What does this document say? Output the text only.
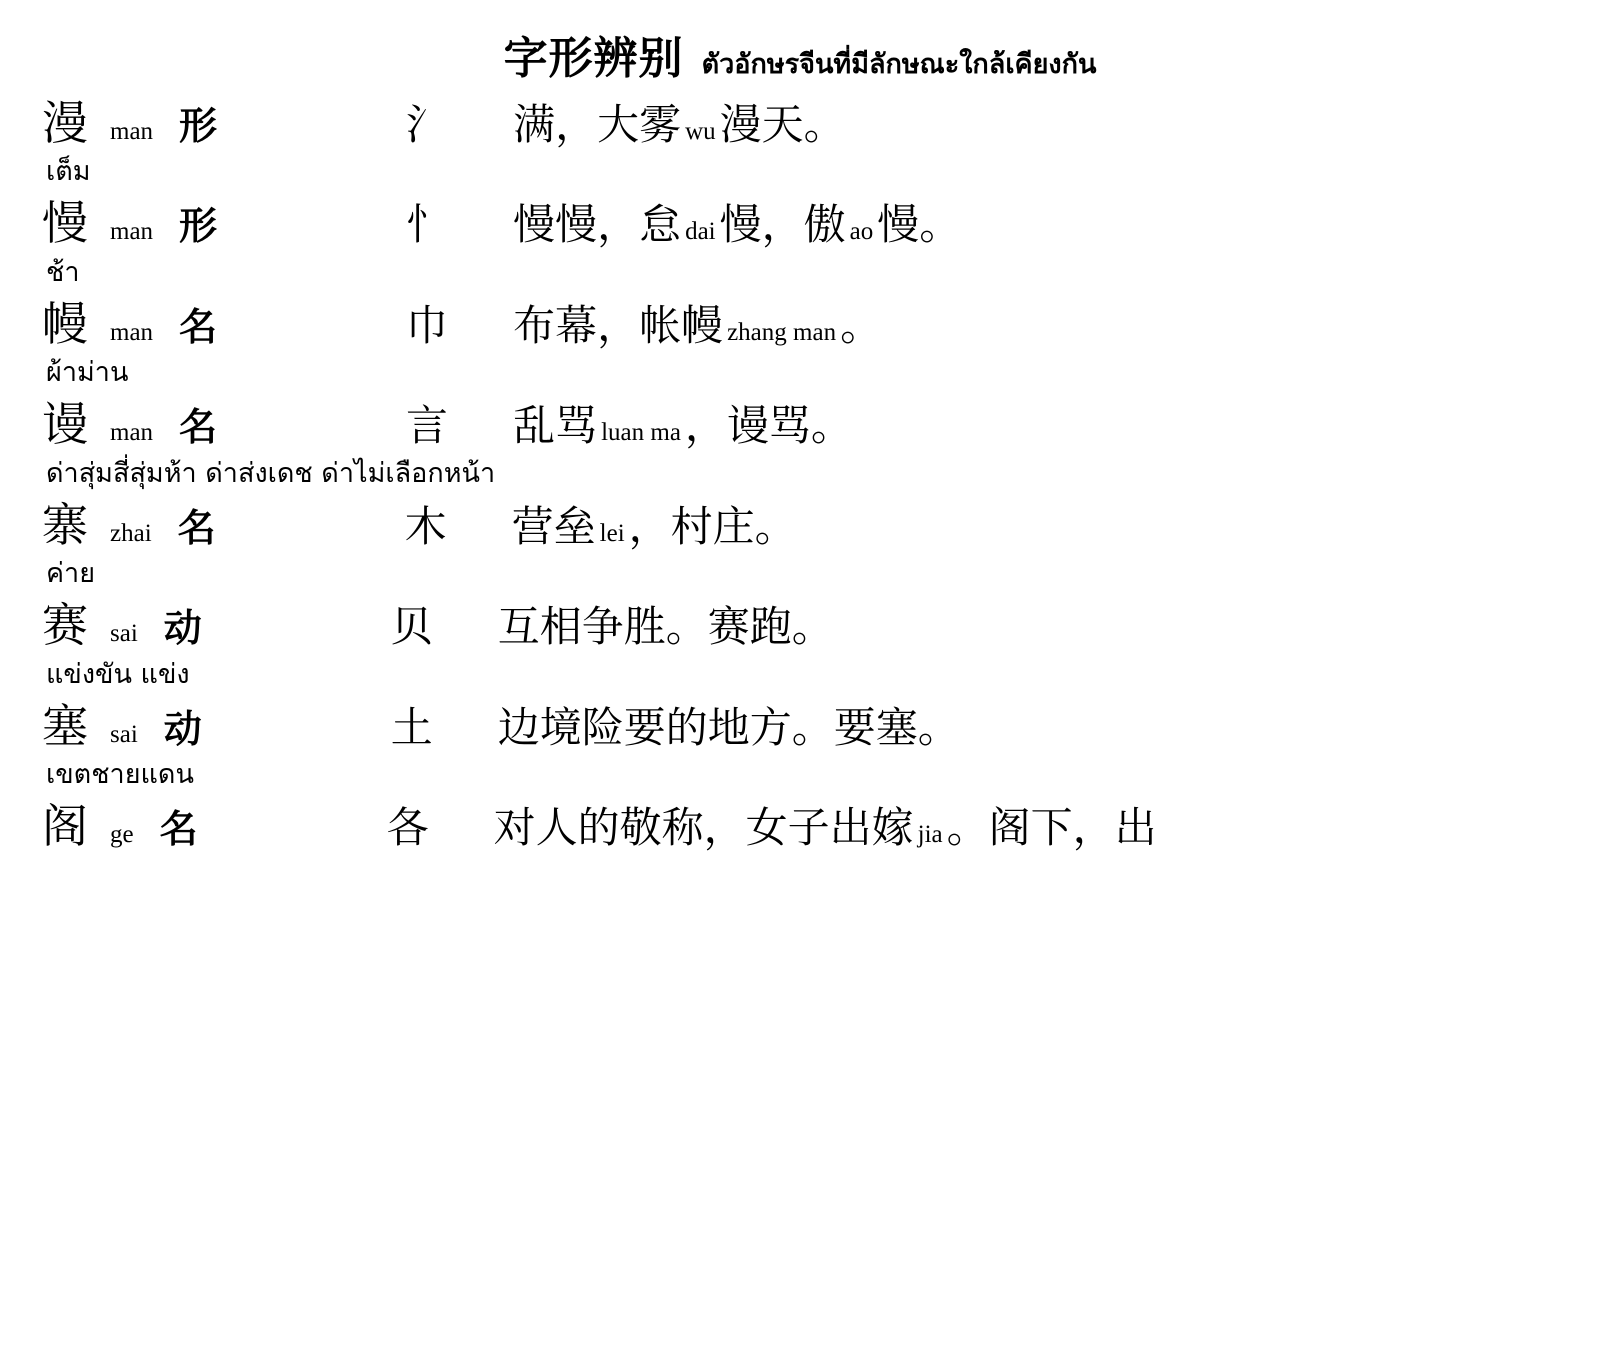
字形辨别 ตัวอักษรจีนที่มีลักษณะใกล้เคียงกัน
漫 man 形	氵	满，大雾 wu漫天。
เต็ม
慢 man 形	忄	慢慢，怠 dai慢，傲 ao慢。
ช้า
幔 man 名	巾	布幕，帐幔 zhang man。
ผ้าม่าน
谩 man 名	言	乱骂 luan ma，谩骂。
ด่าสุ่มสี่สุ่มห้า ด่าส่งเดช ด่าไม่เลือกหน้า
寨 zhai 名	木	营垒 lei，村庄。
ค่าย
赛 sai 动	贝	互相争胜。赛跑。
แข่งขัน แข่ง
塞 sai 动	土	边境险要的地方。要塞。
เขตชายแดน
阁 ge 名	各	对人的敬称，女子出嫁 jia。阁下，出
